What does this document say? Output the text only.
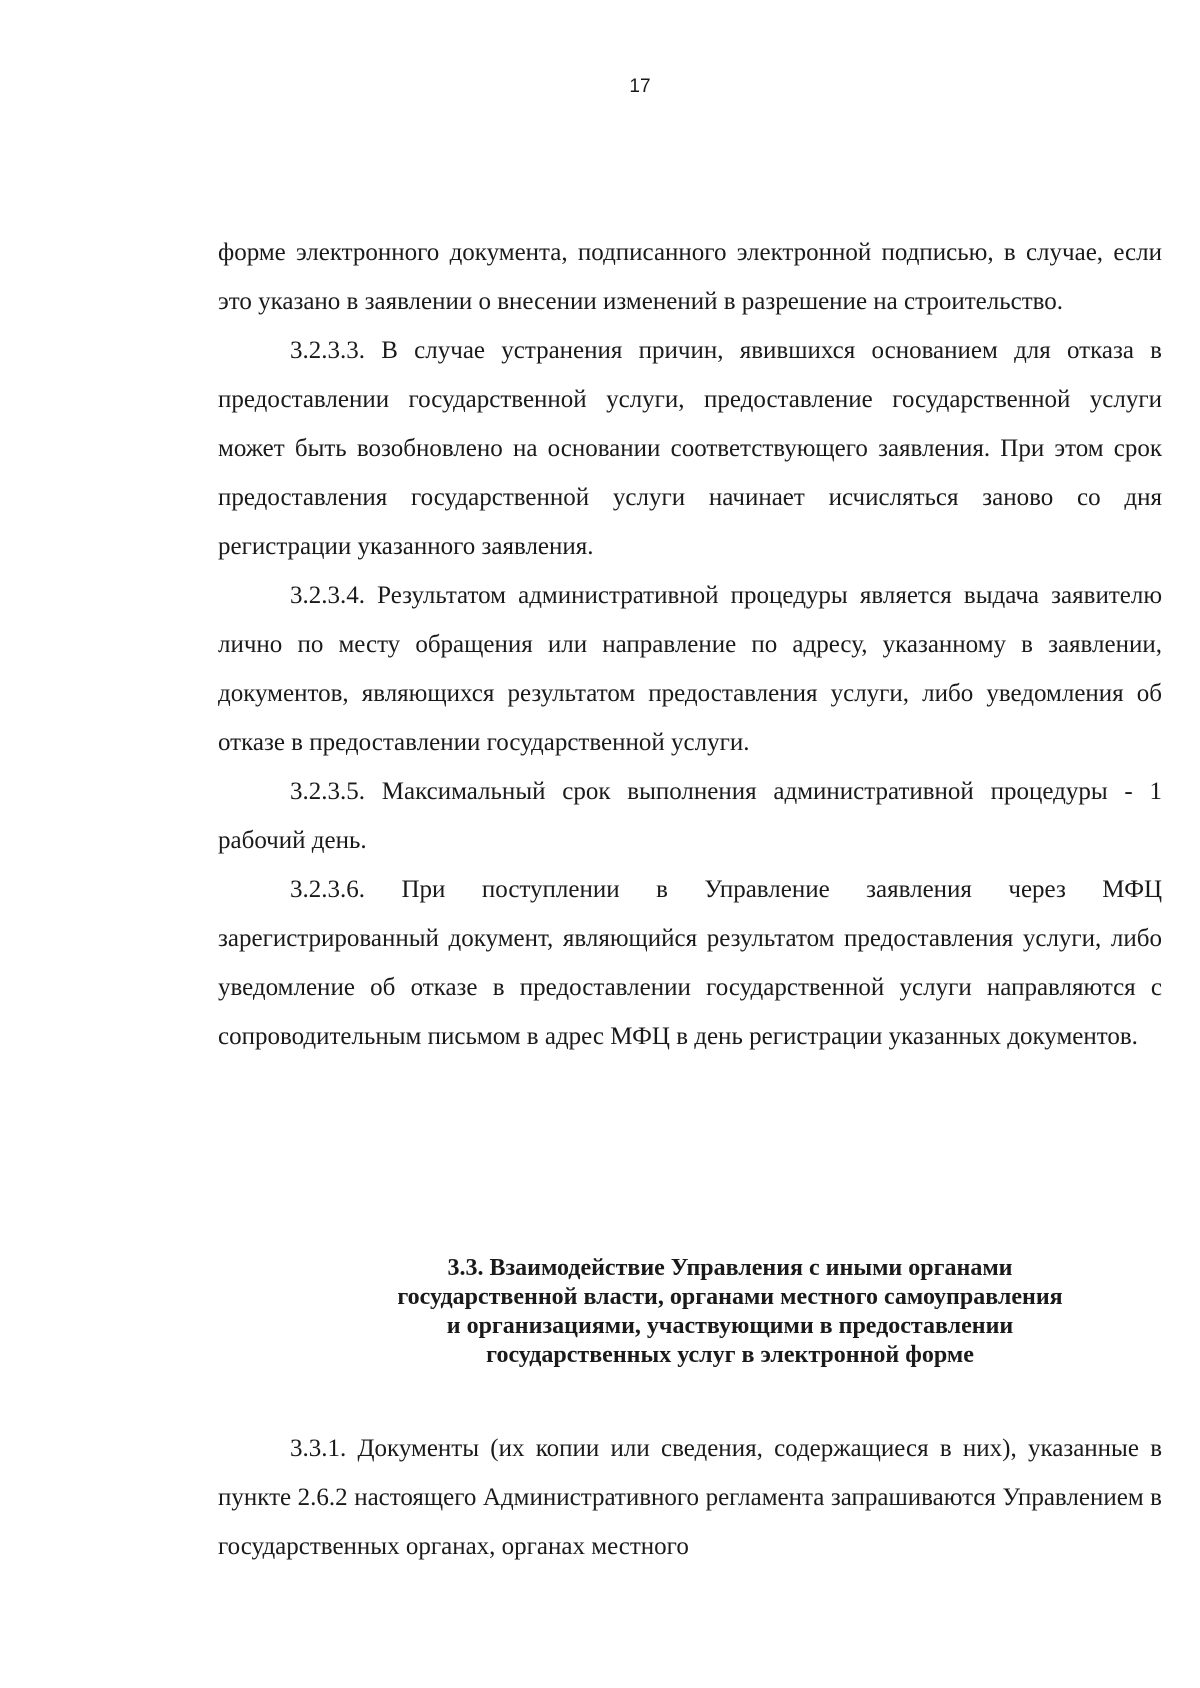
17

форме электронного документа, подписанного электронной подписью, в случае, если это указано в заявлении о внесении изменений в разрешение на строительство.

3.2.3.3. В случае устранения причин, явившихся основанием для отказа в предоставлении государственной услуги, предоставление государственной услуги может быть возобновлено на основании соответствующего заявления. При этом срок предоставления государственной услуги начинает исчисляться заново со дня регистрации указанного заявления.

3.2.3.4. Результатом административной процедуры является выдача заявителю лично по месту обращения или направление по адресу, указанному в заявлении, документов, являющихся результатом предоставления услуги, либо уведомления об отказе в предоставлении государственной услуги.

3.2.3.5. Максимальный срок выполнения административной процедуры - 1 рабочий день.

3.2.3.6. При поступлении в Управление заявления через МФЦ зарегистрированный документ, являющийся результатом предоставления услуги, либо уведомление об отказе в предоставлении государственной услуги направляются с сопроводительным письмом в адрес МФЦ в день регистрации указанных документов.

3.3. Взаимодействие Управления с иными органами
государственной власти, органами местного самоуправления
и организациями, участвующими в предоставлении
государственных услуг в электронной форме

3.3.1. Документы (их копии или сведения, содержащиеся в них), указанные в пункте 2.6.2 настоящего Административного регламента запрашиваются Управлением в государственных органах, органах местного
